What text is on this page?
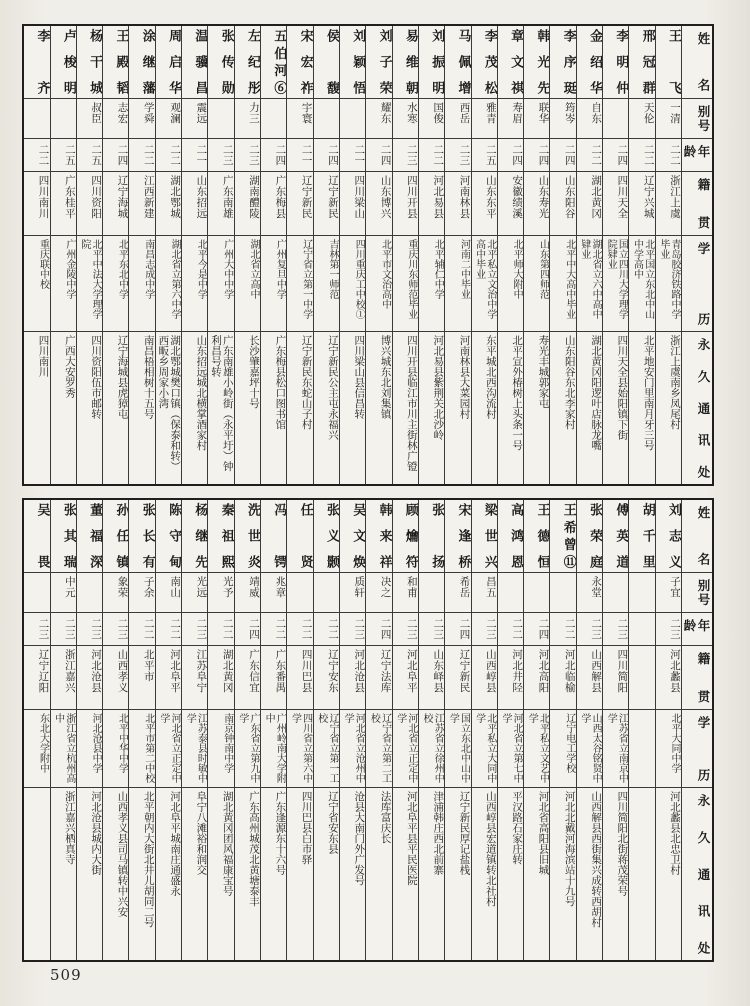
姓名
别号
年龄
籍贯
学历
永久通讯处
王飞
一清
二二
浙江上虞
青岛胶济铁路中学毕业
浙江上虞南乡凤尾村
邢冠群
天伦
二二
辽宁兴城
北平国立东北中山中学高中
北平地安门里南月牙三号
李明仲
二四
四川天全
国立四川大学理学院肄业
四川天全县始阳镇下街
金绍华
自东
二二
湖北黄冈
湖北省立六中高中肄业
湖北黄冈阳逻叶店脉龙嘴
李序珽
筠岑
二四
山东阳谷
北平中大高中毕业
山东阳谷东北李家村
韩光先
联华
二四
山东寿光
山东第四师范
寿光丰城郭家屯
章文祺
寿眉
二四
安徽绩溪
北平师大附中
北平宣外椿树上头条一号
李茂松
雅青
二五
山东东平
北平私立文治中学高中毕业
东平城北西沟流村
马佩增
西岳
二三
河南林县
河南二中毕业
河南林县大菜园村
刘振明
国俊
二二
河北易县
北平辅仁中学
河北易县紫荆关北沙岭
易维朝
水寒
二三
四川开县
重庆川东师范毕业
四川开县临江市川主街林广镫
刘子荣
耀东
二四
山东博兴
北平市文治高中
博兴城东北刘集镇
刘颖悟
二一
四川梁山
四川重庆工中校①
四川梁山县信昌转
侯馥
二四
辽宁新民
吉林第一师范
辽宁新民公主屯永福兴
宋宏祚
宇寰
二一
辽宁新民
辽宁省立第一中学
辽宁新民东蛇山子村
五伯河⑥
二四
广东梅县
广州复旦中学
广东梅县松口图书馆
左纪彤
力三
二三
湖南醴陵
湖北省立高中
长沙肇嘉坪十号
张传勋
二三
广东南雄
广州大中中学
广东南雄小岭街（永平圩）钟利昌号转
温骥昌
震远
二一
山东招远
北平今是中学
山东招远城北横掌酒家村
周启华
观澜
二二
湖北鄂城
湖北省立第六中学
湖北鄂城樊口镇（保泰和转）西畈乡周家小湾
涂继藩
学舜
二二
江西新建
南昌志成中学
南昌梧相树十五号
王殿韬
志宏
二四
辽宁海城
北平东北中学
辽宁海城县虎獐屯
杨干城
叔臣
二五
四川资阳
北平中法大学理学院
四川资阳伍市邮转
卢梭明
二五
广东桂平
广州金陵中学
广西大安罗秀
李齐
二二
四川南川
重庆联中校
四川南川
姓名
别号
年龄
籍贯
学历
永久通讯处
刘志义
子宜
二三
河北蠡县
北平大同中学
河北蠡县北忠卫村
胡千里
傅英道
二三
四川简阳
江苏省立南京中学
四川简阳北街蒋茂荣号
张荣庭
永堂
二三
山西解县
山西太谷铭贤中学
山西解县西街集兴成转西胡村
王希曾⑪
二二
河北临榆
辽宁电工学校
河北北戴河海滨站十九号
王德恒
二四
河北高阳
北平私立文艺中学
河北省高阳县旧城
高鸿恩
二二
河北井陉
河北省立第七中学
平汉路石家庄转
梁世兴
昌五
二三
山西崞县
北平私立大同中学
山西崞县宏道镇转北社村
宋逢桥
希岳
二四
辽宁新民
国立东北中山中学
辽宁新民厚记盐栈
张扬
二三
山东峄县
江苏省立徐州中校
津浦韩庄西北前寨
顾爚符
和甫
二三
河北阜平
河北省立正定中学
河北阜平县平民医院
韩来祥
决之
二四
辽宁法库
辽宁省立第二工校
法库富庆长
吴文焕
质轩
二三
河北沧县
河北省立沧州中学
沧县大南门外广发号
张义颢
二二
辽宁安东
辽宁省立第一工校
辽宁省安东县
任贤
二二
四川巴县
四川省立第六中学
四川巴县白市驿
冯锷
兆章
二二
广东番禺
广州岭南大学附中
广东逢源东十六号
洗世炎
靖威
二四
广东信宜
广东省立第九中学
广东高州城茂北黄塘泰丰
秦祖熙
光予
二二
湖北黄冈
南京钟南中学
湖北黄冈团风福康宝号
杨继先
光远
二三
江苏阜宁
江苏泰县时敏中学
阜宁八滩裕和润交
陈守甸
南山
二二
河北阜平
河北省立正定中学
河北阜平城南庄通盛永
张长有
子余
二二
北平市
北平市第二中校
北平朝内大街北井儿胡同二号
孙任镇
象荣
二三
山西孝义
北平中华中学
山西孝义县司马镇转中兴安
董福深
二三
河北沧县
河北沧县中学
河北沧县城内大街
张其瑞
中元
二三
浙江嘉兴
浙江省立杭州高中
浙江嘉兴栖真寺
吴畏
二三
辽宁辽阳
东北大学附中
509
